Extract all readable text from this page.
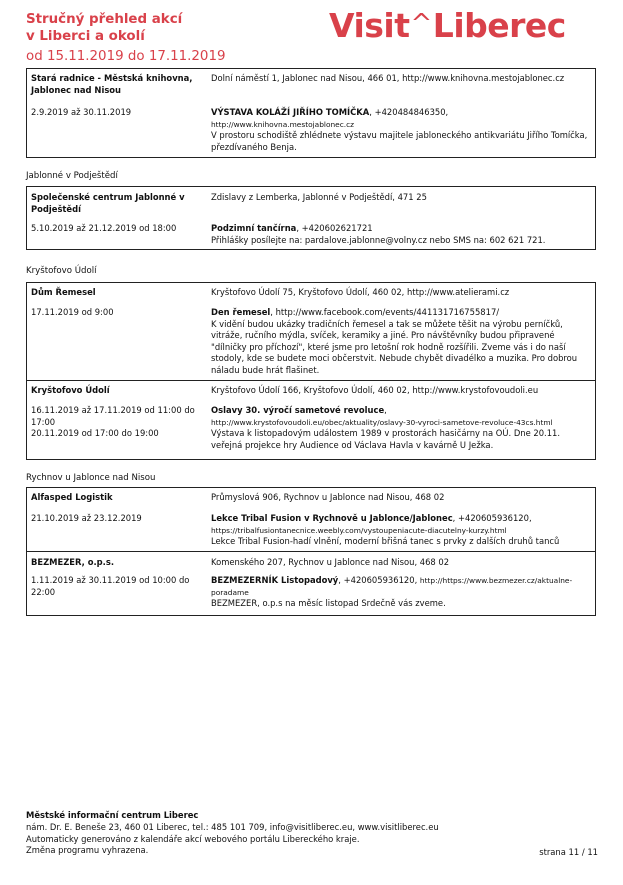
Stručný přehled akcí
v Liberci a okolí
od 15.11.2019 do 17.11.2019
Visit^Liberec
Stará radnice - Městská knihovna, Jablonec nad Nisou
2.9.2019 až 30.11.2019
Dolní náměstí 1, Jablonec nad Nisou, 466 01, http://www.knihovna.mestojablonec.cz
VÝSTAVA KOLÁŽÍ JIŘÍHO TOMÍČKA, +420484846350,
http://www.knihovna.mestojablonec.cz
V prostoru schodiště zhlédnete výstavu majitele jabloneckého antikvariátu Jiřího Tomíčka, přezdívaného Benja.
Jablonné v Podještědí
Společenské centrum Jablonné v Podještědí
5.10.2019 až 21.12.2019 od 18:00
Zdislavy z Lemberka, Jablonné v Podještědí, 471 25
Podzimní tančírna, +420602621721
Přihlášky posílejte na: pardalove.jablonne@volny.cz nebo SMS na: 602 621 721.
Kryštofovo Údolí
Dům Řemesel
17.11.2019 od 9:00
Kryštofovo Údolí 75, Kryštofovo Údolí, 460 02, http://www.atelierami.cz
Den řemesel, http://www.facebook.com/events/441131716755817/
K vidění budou ukázky tradičních řemesel a tak se můžete těšit na výrobu perníčků, vitráže, ručního mýdla, svíček, keramiky a jiné. Pro návštěvníky budou připravené "dílničky pro příchozí", které jsme pro letošní rok hodně rozšířili. Zveme vás i do naší stodoly, kde se budete moci občerstvit. Nebude chybět divadélko a muzika. Pro dobrou náladu bude hrát flašinet.
Kryštofovo Údolí
16.11.2019 až 17.11.2019 od 11:00 do 17:00
20.11.2019 od 17:00 do 19:00
Kryštofovo Údolí 166, Kryštofovo Údolí, 460 02, http://www.krystofovoudoli.eu
Oslavy 30. výročí sametové revoluce,
http://www.krystofovoudoli.eu/obec/aktuality/oslavy-30-vyroci-sametove-revoluce-43cs.html
Výstava k listopadovým událostem 1989 v prostorách hasičárny na OÚ. Dne 20.11. veřejná projekce hry Audience od Václava Havla v kavárně U Ježka.
Rychnov u Jablonce nad Nisou
Alfasped Logistik
21.10.2019 až 23.12.2019
Průmyslová 906, Rychnov u Jablonce nad Nisou, 468 02
Lekce Tribal Fusion v Rychnově u Jablonce/Jablonec, +420605936120,
https://tribalfusiontanecnice.weebly.com/vystoupeniacute-diacutelny-kurzy.html
Lekce Tribal Fusion-hadí vlnění, moderní břišná tanec s prvky z dalších druhů tanců
BEZMEZER, o.p.s.
1.11.2019 až 30.11.2019 od 10:00 do 22:00
Komenského 207, Rychnov u Jablonce nad Nisou, 468 02
BEZMEZERNÍK Listopadový, +420605936120, http://https://www.bezmezer.cz/aktualne-poradame
BEZMEZER, o.p.s na měsíc listopad Srdečně vás zveme.
Městské informační centrum Liberec
nám. Dr. E. Beneše 23, 460 01 Liberec, tel.: 485 101 709, info@visitliberec.eu, www.visitliberec.eu
Automaticky generováno z kalendáře akcí webového portálu Libereckého kraje.
Změna programu vyhrazena.	strana 11 / 11
